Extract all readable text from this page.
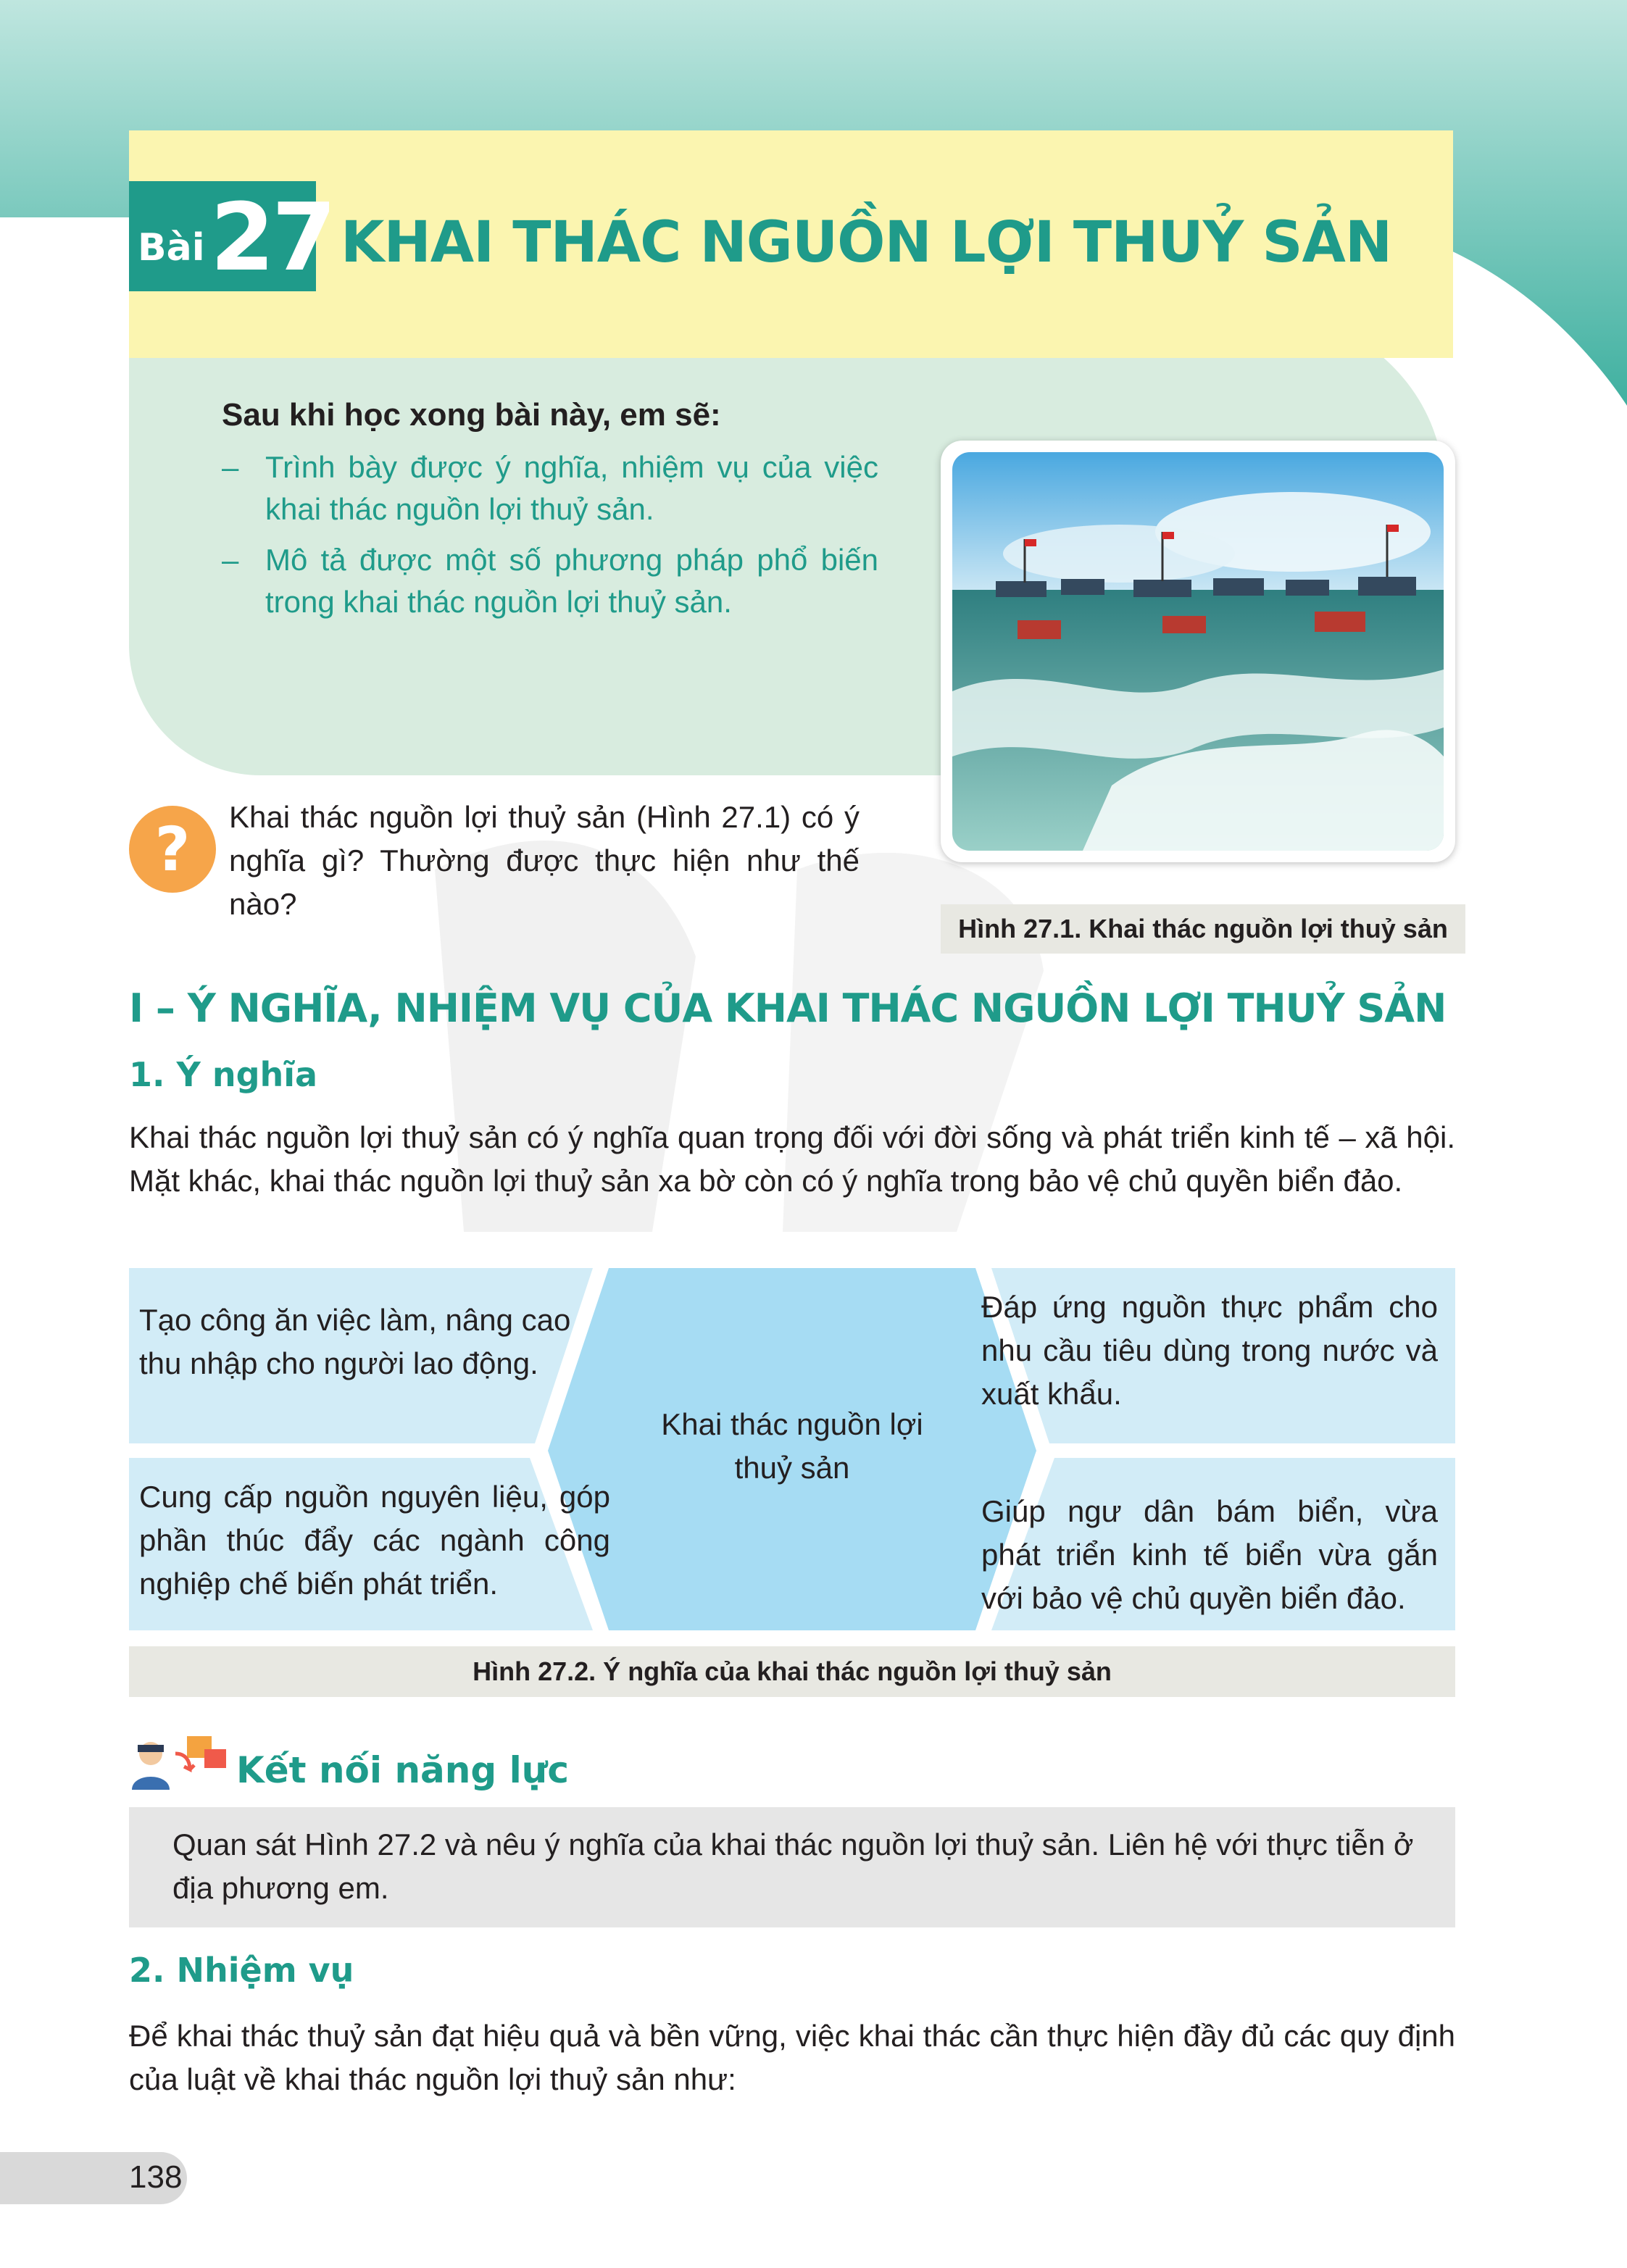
Bài 27 KHAI THÁC NGUỒN LỢI THUỶ SẢN
Sau khi học xong bài này, em sẽ:
– Trình bày được ý nghĩa, nhiệm vụ của việc khai thác nguồn lợi thuỷ sản.
– Mô tả được một số phương pháp phổ biến trong khai thác nguồn lợi thuỷ sản.
Hình 27.1. Khai thác nguồn lợi thuỷ sản
?	Khai thác nguồn lợi thuỷ sản (Hình 27.1) có ý nghĩa gì? Thường được thực hiện như thế nào?
I – Ý NGHĨA, NHIỆM VỤ CỦA KHAI THÁC NGUỒN LỢI THUỶ SẢN
1. Ý nghĩa
Khai thác nguồn lợi thuỷ sản có ý nghĩa quan trọng đối với đời sống và phát triển kinh tế – xã hội. Mặt khác, khai thác nguồn lợi thuỷ sản xa bờ còn có ý nghĩa trong bảo vệ chủ quyền biển đảo.
Tạo công ăn việc làm, nâng cao thu nhập cho người lao động.
Cung cấp nguồn nguyên liệu, góp phần thúc đẩy các ngành công nghiệp chế biến phát triển.
Khai thác nguồn lợi thuỷ sản
Đáp ứng nguồn thực phẩm cho nhu cầu tiêu dùng trong nước và xuất khẩu.
Giúp ngư dân bám biển, vừa phát triển kinh tế biển vừa gắn với bảo vệ chủ quyền biển đảo.
Hình 27.2. Ý nghĩa của khai thác nguồn lợi thuỷ sản
Kết nối năng lực
Quan sát Hình 27.2 và nêu ý nghĩa của khai thác nguồn lợi thuỷ sản. Liên hệ với thực tiễn ở địa phương em.
2. Nhiệm vụ
Để khai thác thuỷ sản đạt hiệu quả và bền vững, việc khai thác cần thực hiện đầy đủ các quy định của luật về khai thác nguồn lợi thuỷ sản như:
138
